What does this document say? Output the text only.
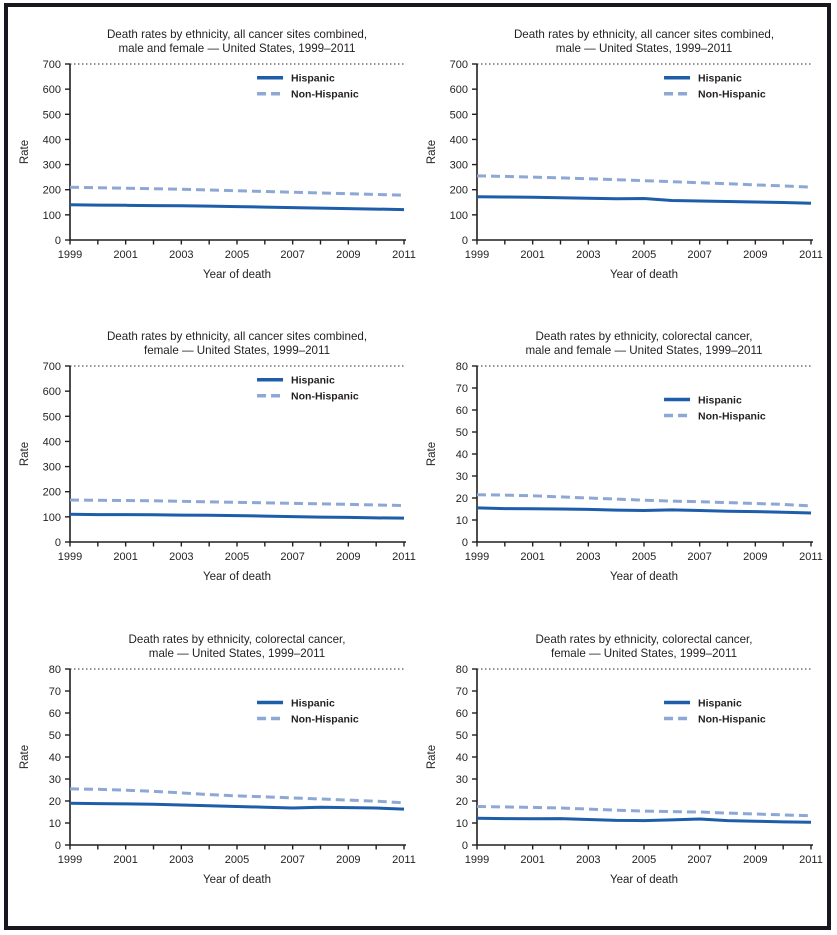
Death rates by ethnicity, all cancer sites combined,
male and female — United States, 1999–2011
0
100
200
300
400
500
600
700
1999	2001	2003	2005	2007	2009	2011
Rate
Year of death
Hispanic
Non-Hispanic
Death rates by ethnicity, all cancer sites combined,
male — United States, 1999–2011
0
100
200
300
400
500
600
700
1999	2001	2003	2005	2007	2009	2011
Rate
Year of death
Hispanic
Non-Hispanic
Death rates by ethnicity, all cancer sites combined,
female — United States, 1999–2011
0
100
200
300
400
500
600
700
1999	2001	2003	2005	2007	2009	2011
Rate
Year of death
Hispanic
Non-Hispanic
Death rates by ethnicity, colorectal cancer,
male and female — United States, 1999–2011
0
10
20
30
40
50
60
70
80
1999	2001	2003	2005	2007	2009	2011
Rate
Year of death
Hispanic
Non-Hispanic
Death rates by ethnicity, colorectal cancer,
male — United States, 1999–2011
0
10
20
30
40
50
60
70
80
1999	2001	2003	2005	2007	2009	2011
Rate
Year of death
Hispanic
Non-Hispanic
Death rates by ethnicity, colorectal cancer,
female — United States, 1999–2011
0
10
20
30
40
50
60
70
80
1999	2001	2003	2005	2007	2009	2011
Rate
Year of death
Hispanic
Non-Hispanic
